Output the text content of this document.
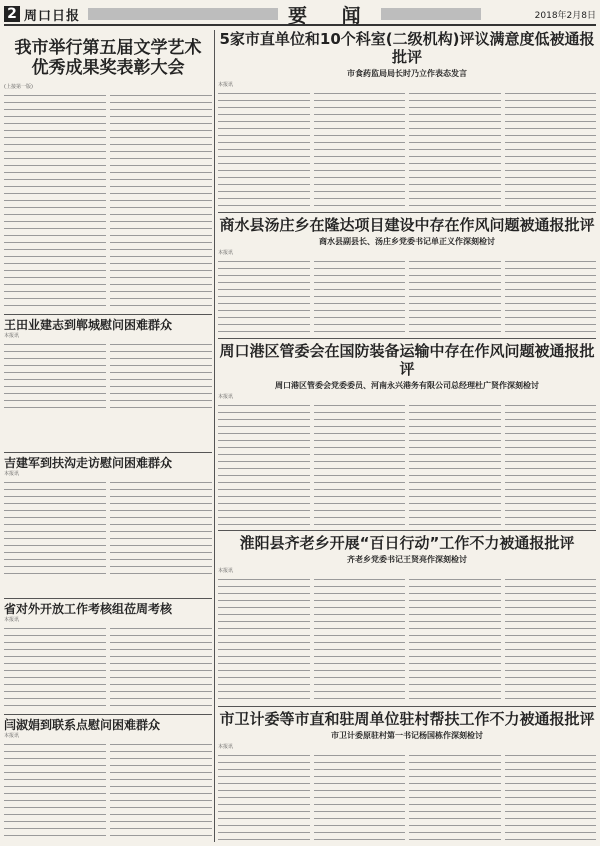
2 周口日报	要 闻	2018年2月8日
我市举行第五届文学艺术优秀成果奖表彰大会
(上接第一版)
王田业建志到郸城慰问困难群众
本报讯
吉建军到扶沟走访慰问困难群众
本报讯
省对外开放工作考核组莅周考核
本报讯
闫淑娟到联系点慰问困难群众
本报讯
5家市直单位和10个科室(二级机构)评议满意度低被通报批评
市食药监局局长时乃立作表态发言
本报讯
商水县汤庄乡在隆达项目建设中存在作风问题被通报批评
商水县副县长、汤庄乡党委书记单正义作深刻检讨
本报讯
周口港区管委会在国防装备运输中存在作风问题被通报批评
周口港区管委会党委委员、河南永兴港务有限公司总经理杜广贤作深刻检讨
本报讯
淮阳县齐老乡开展“百日行动”工作不力被通报批评
齐老乡党委书记王贤亮作深刻检讨
本报讯
市卫计委等市直和驻周单位驻村帮扶工作不力被通报批评
市卫计委原驻村第一书记杨国栋作深刻检讨
本报讯
